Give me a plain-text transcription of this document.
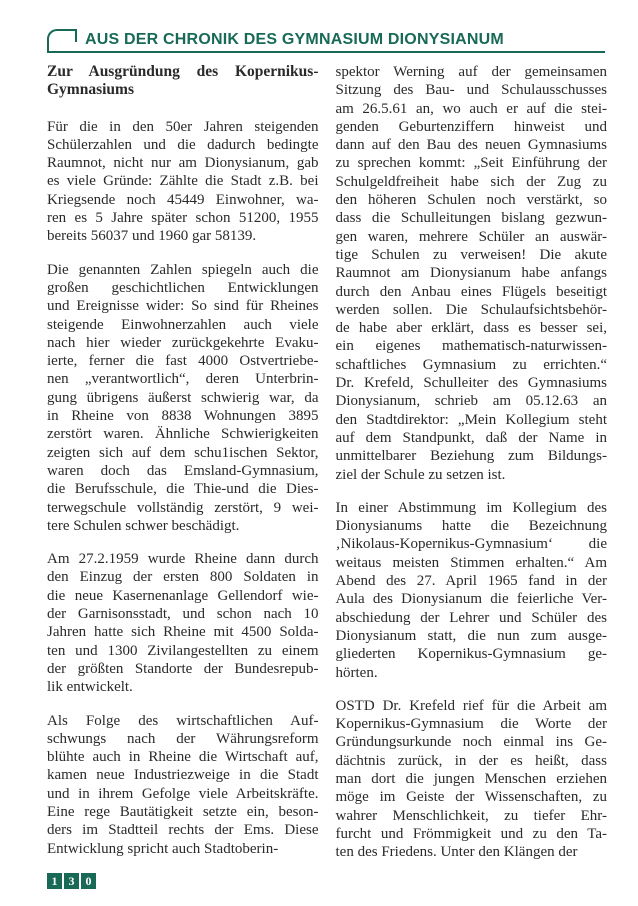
AUS DER CHRONIK DES GYMNASIUM DIONYSIANUM
Zur Ausgründung des Kopernikus-
Gymnasiums
Für die in den 50er Jahren steigenden
Schülerzahlen und die dadurch bedingte
Raumnot, nicht nur am Dionysianum, gab
es viele Gründe: Zählte die Stadt z.B. bei
Kriegsende noch 45449 Einwohner, wa-
ren es 5 Jahre später schon 51200, 1955
bereits 56037 und 1960 gar 58139.
Die genannten Zahlen spiegeln auch die
großen geschichtlichen Entwicklungen
und Ereignisse wider: So sind für Rheines
steigende Einwohnerzahlen auch viele
nach hier wieder zurückgekehrte Evaku-
ierte, ferner die fast 4000 Ostvertriebe-
nen „verantwortlich“, deren Unterbrin-
gung übrigens äußerst schwierig war, da
in Rheine von 8838 Wohnungen 3895
zerstört waren. Ähnliche Schwierigkeiten
zeigten sich auf dem schu1ischen Sektor,
waren doch das Emsland-Gymnasium,
die Berufsschule, die Thie-und die Dies-
terwegschule vollständig zerstört, 9 wei-
tere Schulen schwer beschädigt.
Am 27.2.1959 wurde Rheine dann durch
den Einzug der ersten 800 Soldaten in
die neue Kasernenanlage Gellendorf wie-
der Garnisonsstadt, und schon nach 10
Jahren hatte sich Rheine mit 4500 Solda-
ten und 1300 Zivilangestellten zu einem
der größten Standorte der Bundesrepub-
lik entwickelt.
Als Folge des wirtschaftlichen Auf-
schwungs nach der Währungsreform
blühte auch in Rheine die Wirtschaft auf,
kamen neue Industriezweige in die Stadt
und in ihrem Gefolge viele Arbeitskräfte.
Eine rege Bautätigkeit setzte ein, beson-
ders im Stadtteil rechts der Ems. Diese
Entwicklung spricht auch Stadtoberin-
spektor Werning auf der gemeinsamen
Sitzung des Bau- und Schulausschusses
am 26.5.61 an, wo auch er auf die stei-
genden Geburtenziffern hinweist und
dann auf den Bau des neuen Gymnasiums
zu sprechen kommt: „Seit Einführung der
Schulgeldfreiheit habe sich der Zug zu
den höheren Schulen noch verstärkt, so
dass die Schulleitungen bislang gezwun-
gen waren, mehrere Schüler an auswär-
tige Schulen zu verweisen! Die akute
Raumnot am Dionysianum habe anfangs
durch den Anbau eines Flügels beseitigt
werden sollen. Die Schulaufsichtsbehör-
de habe aber erklärt, dass es besser sei,
ein eigenes mathematisch-naturwissen-
schaftliches Gymnasium zu errichten.“
Dr. Krefeld, Schulleiter des Gymnasiums
Dionysianum, schrieb am 05.12.63 an
den Stadtdirektor: „Mein Kollegium steht
auf dem Standpunkt, daß der Name in
unmittelbarer Beziehung zum Bildungs-
ziel der Schule zu setzen ist.
In einer Abstimmung im Kollegium des
Dionysianums hatte die Bezeichnung
‚Nikolaus-Kopernikus-Gymnasium‘ die
weitaus meisten Stimmen erhalten.“ Am
Abend des 27. April 1965 fand in der
Aula des Dionysianum die feierliche Ver-
abschiedung der Lehrer und Schüler des
Dionysianum statt, die nun zum ausge-
gliederten Kopernikus-Gymnasium ge-
hörten.
OSTD Dr. Krefeld rief für die Arbeit am
Kopernikus-Gymnasium die Worte der
Gründungsurkunde noch einmal ins Ge-
dächtnis zurück, in der es heißt, dass
man dort die jungen Menschen erziehen
möge im Geiste der Wissenschaften, zu
wahrer Menschlichkeit, zu tiefer Ehr-
furcht und Frömmigkeit und zu den Ta-
ten des Friedens. Unter den Klängen der
1 3 0
